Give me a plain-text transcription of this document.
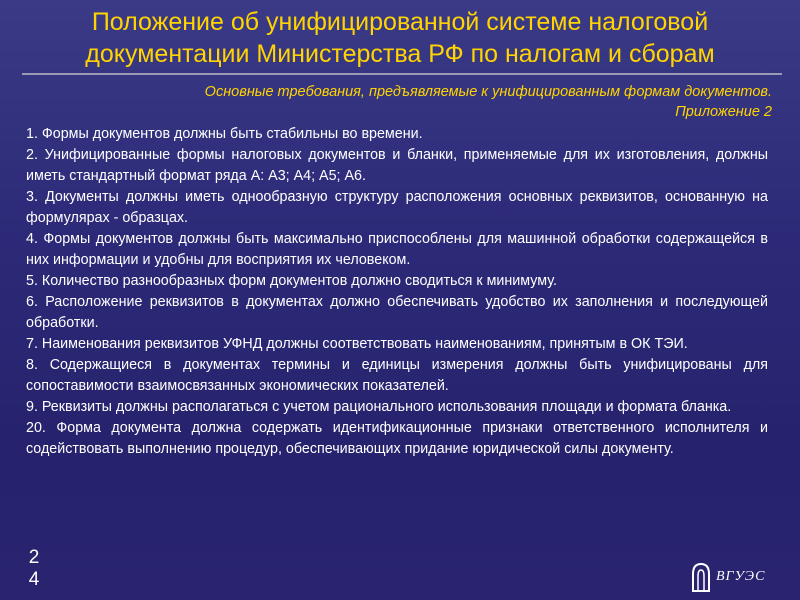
Положение об унифицированной системе налоговой
документации Министерства РФ по налогам и сборам
Основные требования, предъявляемые к унифицированным формам документов.
Приложение 2

1. Формы документов должны быть стабильны во времени.

2. Унифицированные формы налоговых документов и бланки, применяемые для их изготовления, должны иметь стандартный формат ряда А: А3; А4; А5; А6.

3. Документы должны иметь однообразную структуру расположения основных реквизитов, основанную на формулярах - образцах.

4. Формы документов должны быть максимально приспособлены для машинной обработки содержащейся в них информации и удобны для восприятия их человеком.

5. Количество разнообразных форм документов должно сводиться к минимуму.

6. Расположение реквизитов в документах должно обеспечивать удобство их заполнения и последующей обработки.

7. Наименования реквизитов УФНД должны соответствовать наименованиям, принятым в ОК ТЭИ.

8. Содержащиеся в документах термины и единицы измерения должны быть унифицированы для сопоставимости взаимосвязанных экономических показателей.

9. Реквизиты должны располагаться с учетом рационального использования площади и формата бланка.

20. Форма документа должна содержать идентификационные признаки ответственного исполнителя и содействовать выполнению процедур, обеспечивающих придание юридической силы документу.

2
4	ВГУЭС
